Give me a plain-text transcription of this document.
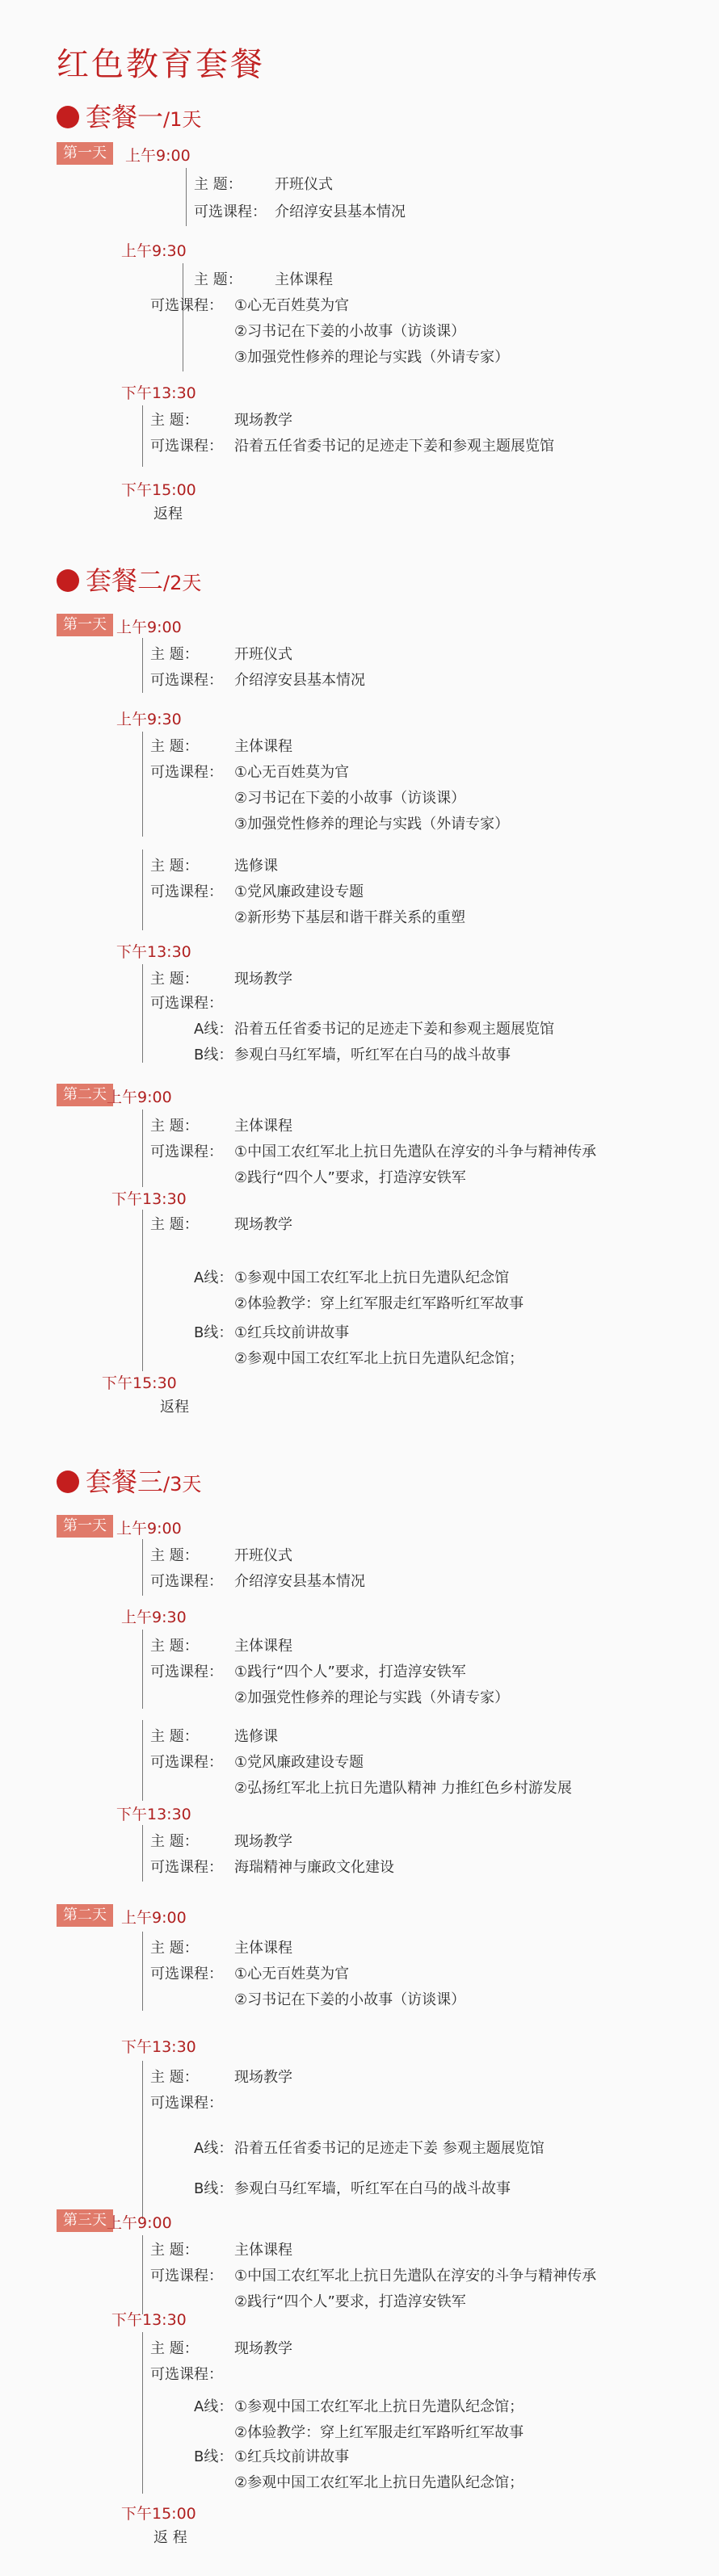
红色教育套餐
套餐一/1天
第一天	上午9:00
主 题： 开班仪式
可选课程： 介绍淳安县基本情况
上午9:30
主 题： 主体课程
可选课程： ①心无百姓莫为官
②习书记在下姜的小故事（访谈课）
③加强党性修养的理论与实践（外请专家）
下午13:30
主 题： 现场教学
可选课程： 沿着五任省委书记的足迹走下姜和参观主题展览馆
下午15:00
返程
套餐二/2天
第一天 上午9:00
主 题： 开班仪式
可选课程： 介绍淳安县基本情况
上午9:30
主 题： 主体课程
可选课程： ①心无百姓莫为官
②习书记在下姜的小故事（访谈课）
③加强党性修养的理论与实践（外请专家）
主 题： 选修课
可选课程： ①党风廉政建设专题
②新形势下基层和谐干群关系的重塑
下午13:30
主 题： 现场教学
可选课程：
A线： 沿着五任省委书记的足迹走下姜和参观主题展览馆
B线： 参观白马红军墙，听红军在白马的战斗故事
第二天 上午9:00
主 题： 主体课程
可选课程： ①中国工农红军北上抗日先遣队在淳安的斗争与精神传承
②践行“四个人”要求，打造淳安铁军
下午13:30
主 题： 现场教学
A线： ①参观中国工农红军北上抗日先遣队纪念馆
②体验教学：穿上红军服走红军路听红军故事
B线： ①红兵坟前讲故事
②参观中国工农红军北上抗日先遣队纪念馆；
下午15:30
返程
套餐三/3天
第一天 上午9:00
主 题： 开班仪式
可选课程： 介绍淳安县基本情况
上午9:30
主 题： 主体课程
可选课程： ①践行“四个人”要求，打造淳安铁军
②加强党性修养的理论与实践（外请专家）
主 题： 选修课
可选课程： ①党风廉政建设专题
②弘扬红军北上抗日先遣队精神 力推红色乡村游发展
下午13:30
主 题： 现场教学
可选课程： 海瑞精神与廉政文化建设
第二天 上午9:00
主 题： 主体课程
可选课程： ①心无百姓莫为官
②习书记在下姜的小故事（访谈课）
下午13:30
主 题： 现场教学
可选课程：
A线： 沿着五任省委书记的足迹走下姜 参观主题展览馆
B线： 参观白马红军墙，听红军在白马的战斗故事
第三天 上午9:00
主 题： 主体课程
可选课程： ①中国工农红军北上抗日先遣队在淳安的斗争与精神传承
②践行“四个人”要求，打造淳安铁军
下午13:30
主 题： 现场教学
可选课程：
A线： ①参观中国工农红军北上抗日先遣队纪念馆；
②体验教学：穿上红军服走红军路听红军故事
B线： ①红兵坟前讲故事
②参观中国工农红军北上抗日先遣队纪念馆；
下午15:00
返 程
